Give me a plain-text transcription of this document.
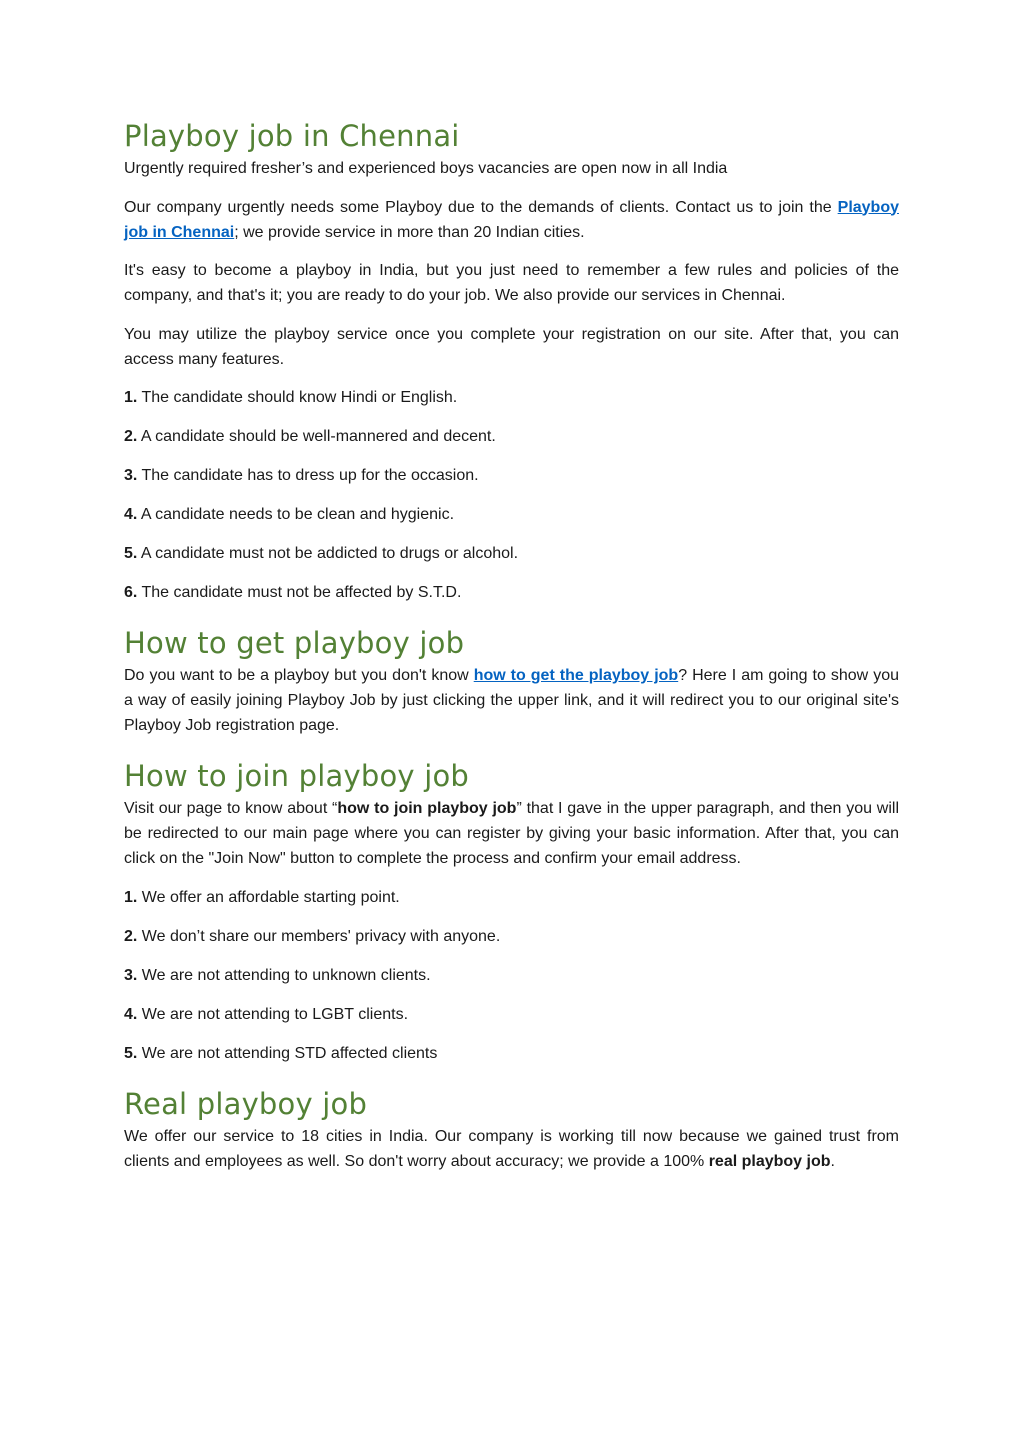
Playboy job in Chennai

Urgently required fresher’s and experienced boys vacancies are open now in all India

Our company urgently needs some Playboy due to the demands of clients. Contact us to join the Playboy job in Chennai; we provide service in more than 20 Indian cities.

It's easy to become a playboy in India, but you just need to remember a few rules and policies of the company, and that's it; you are ready to do your job. We also provide our services in Chennai.

You may utilize the playboy service once you complete your registration on our site. After that, you can access many features.

1. The candidate should know Hindi or English.

2. A candidate should be well-mannered and decent.

3. The candidate has to dress up for the occasion.

4. A candidate needs to be clean and hygienic.

5. A candidate must not be addicted to drugs or alcohol.

6. The candidate must not be affected by S.T.D.

How to get playboy job

Do you want to be a playboy but you don't know how to get the playboy job? Here I am going to show you a way of easily joining Playboy Job by just clicking the upper link, and it will redirect you to our original site's Playboy Job registration page.

How to join playboy job

Visit our page to know about “how to join playboy job” that I gave in the upper paragraph, and then you will be redirected to our main page where you can register by giving your basic information. After that, you can click on the "Join Now" button to complete the process and confirm your email address.

1. We offer an affordable starting point.

2. We don’t share our members' privacy with anyone.

3. We are not attending to unknown clients.

4. We are not attending to LGBT clients.

5. We are not attending STD affected clients

Real playboy job

We offer our service to 18 cities in India. Our company is working till now because we gained trust from clients and employees as well. So don't worry about accuracy; we provide a 100% real playboy job.
